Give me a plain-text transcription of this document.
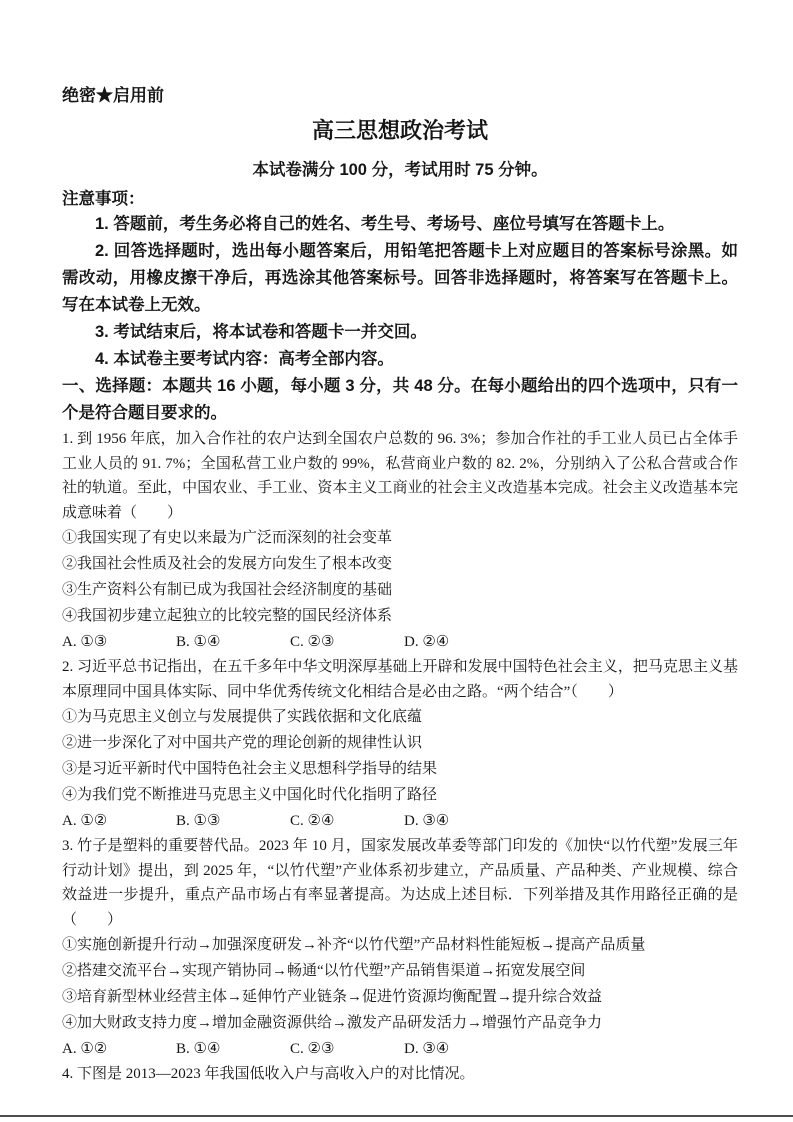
绝密★启用前
高三思想政治考试
本试卷满分 100 分，考试用时 75 分钟。
注意事项：

1. 答题前，考生务必将自己的姓名、考生号、考场号、座位号填写在答题卡上。

2. 回答选择题时，选出每小题答案后，用铅笔把答题卡上对应题目的答案标号涂黑。如需改动，用橡皮擦干净后，再选涂其他答案标号。回答非选择题时，将答案写在答题卡上。写在本试卷上无效。

3. 考试结束后，将本试卷和答题卡一并交回。

4. 本试卷主要考试内容：高考全部内容。

一、选择题：本题共 16 小题，每小题 3 分，共 48 分。在每小题给出的四个选项中，只有一个是符合题目要求的。

1. 到 1956 年底，加入合作社的农户达到全国农户总数的 96. 3%；参加合作社的手工业人员已占全体手工业人员的 91. 7%；全国私营工业户数的 99%，私营商业户数的 82. 2%，分别纳入了公私合营或合作社的轨道。至此，中国农业、手工业、资本主义工商业的社会主义改造基本完成。社会主义改造基本完成意味着（　　）

①我国实现了有史以来最为广泛而深刻的社会变革

②我国社会性质及社会的发展方向发生了根本改变

③生产资料公有制已成为我国社会经济制度的基础

④我国初步建立起独立的比较完整的国民经济体系

A. ①③	B. ①④	C. ②③	D. ②④

2. 习近平总书记指出，在五千多年中华文明深厚基础上开辟和发展中国特色社会主义，把马克思主义基本原理同中国具体实际、同中华优秀传统文化相结合是必由之路。“两个结合”（　　）

①为马克思主义创立与发展提供了实践依据和文化底蕴

②进一步深化了对中国共产党的理论创新的规律性认识

③是习近平新时代中国特色社会主义思想科学指导的结果

④为我们党不断推进马克思主义中国化时代化指明了路径

A. ①②	B. ①③	C. ②④	D. ③④

3. 竹子是塑料的重要替代品。2023 年 10 月，国家发展改革委等部门印发的《加快“以竹代塑”发展三年行动计划》提出，到 2025 年，“以竹代塑”产业体系初步建立，产品质量、产品种类、产业规模、综合效益进一步提升，重点产品市场占有率显著提高。为达成上述目标．下列举措及其作用路径正确的是（　　）

①实施创新提升行动→加强深度研发→补齐“以竹代塑”产品材料性能短板→提高产品质量

②搭建交流平台→实现产销协同→畅通“以竹代塑”产品销售渠道→拓宽发展空间

③培育新型林业经营主体→延伸竹产业链条→促进竹资源均衡配置→提升综合效益

④加大财政支持力度→增加金融资源供给→激发产品研发活力→增强竹产品竞争力

A. ①②	B. ①④	C. ②③	D. ③④

4. 下图是 2013—2023 年我国低收入户与高收入户的对比情况。
